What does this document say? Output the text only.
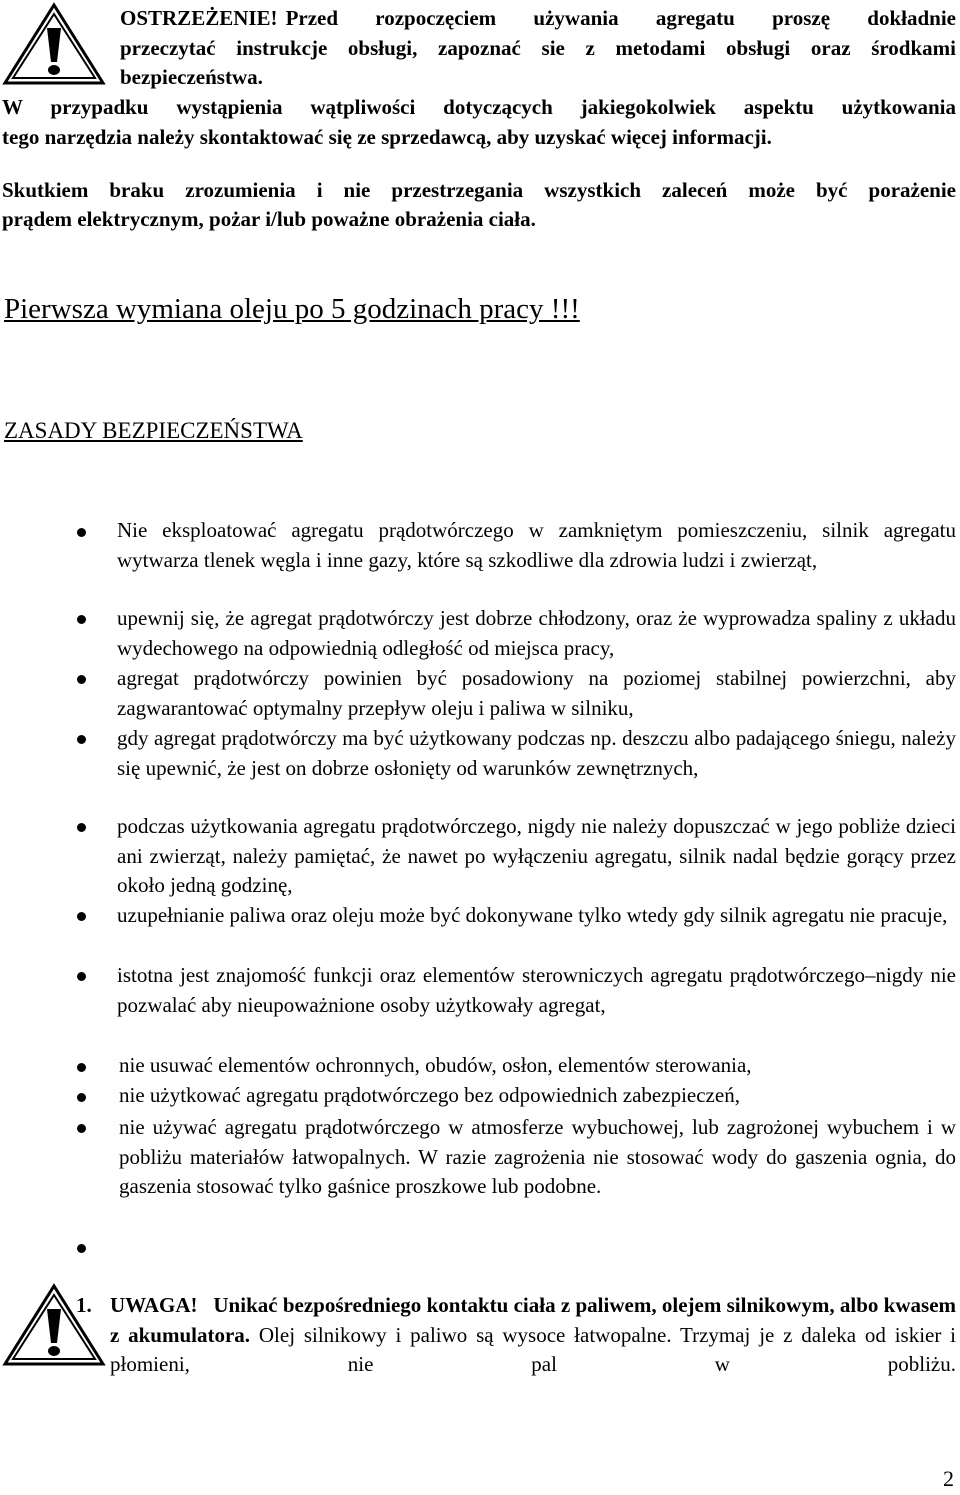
OSTRZEŻENIE! Przed rozpoczęciem używania agregatu proszę dokładnie
przeczytać instrukcje obsługi, zapoznać sie z metodami obsługi oraz środkami
bezpieczeństwa.
W przypadku wystąpienia wątpliwości dotyczących jakiegokolwiek aspektu użytkowania
tego narzędzia należy skontaktować się ze sprzedawcą, aby uzyskać więcej informacji.
Skutkiem braku zrozumienia i nie przestrzegania wszystkich zaleceń może być porażenie
prądem elektrycznym, pożar i/lub poważne obrażenia ciała.
Pierwsza wymiana oleju po 5 godzinach pracy !!!
ZASADY BEZPIECZEŃSTWA
Nie eksploatować agregatu prądotwórczego w zamkniętym pomieszczeniu, silnik agregatu wytwarza tlenek węgla i inne gazy, które są szkodliwe dla zdrowia ludzi i zwierząt,
upewnij się, że agregat prądotwórczy jest dobrze chłodzony, oraz że wyprowadza spaliny z układu wydechowego na odpowiednią odległość od miejsca pracy,
agregat prądotwórczy powinien być posadowiony na poziomej stabilnej powierzchni, aby zagwarantować optymalny przepływ oleju i paliwa w silniku,
gdy agregat prądotwórczy ma być użytkowany podczas np. deszczu albo padającego śniegu, należy się upewnić, że jest on dobrze osłonięty od warunków zewnętrznych,
podczas użytkowania agregatu prądotwórczego, nigdy nie należy dopuszczać w jego pobliże dzieci ani zwierząt, należy pamiętać, że nawet po wyłączeniu agregatu, silnik nadal będzie gorący przez około jedną godzinę,
uzupełnianie paliwa oraz oleju może być dokonywane tylko wtedy gdy silnik agregatu nie pracuje,
istotna jest znajomość funkcji oraz elementów sterowniczych agregatu prądotwórczego–nigdy nie pozwalać aby nieupoważnione osoby użytkowały agregat,
nie usuwać elementów ochronnych, obudów, osłon, elementów sterowania,
nie użytkować agregatu prądotwórczego bez odpowiednich zabezpieczeń,
nie używać agregatu prądotwórczego w atmosferze wybuchowej, lub zagrożonej wybuchem i w pobliżu materiałów łatwopalnych. W razie zagrożenia nie stosować wody do gaszenia ognia, do gaszenia stosować tylko gaśnice proszkowe lub podobne.
1. UWAGA! Unikać bezpośredniego kontaktu ciała z paliwem, olejem silnikowym, albo kwasem z akumulatora. Olej silnikowy i paliwo są wysoce łatwopalne. Trzymaj je z daleka od iskier i płomieni, nie pal w pobliżu.
2
